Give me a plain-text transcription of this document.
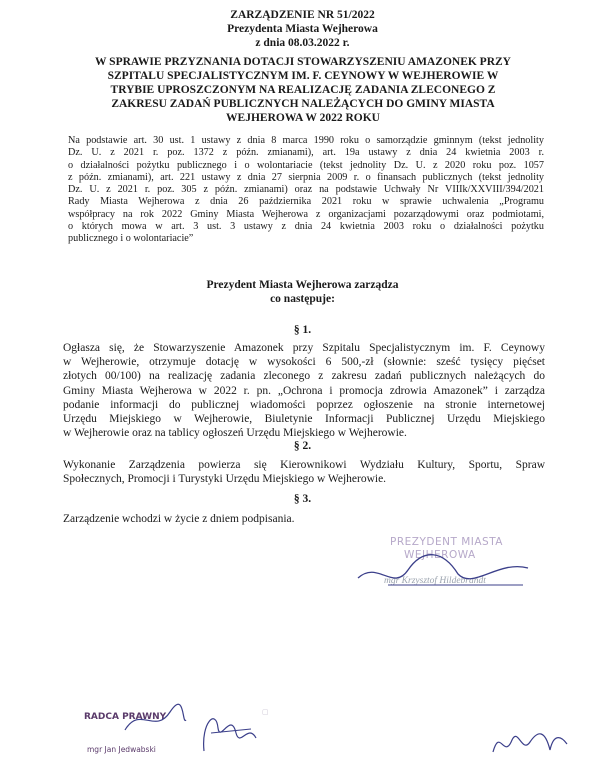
ZARZĄDZENIE NR 51/2022
Prezydenta Miasta Wejherowa
z dnia 08.03.2022 r.
W SPRAWIE PRZYZNANIA DOTACJI STOWARZYSZENIU AMAZONEK PRZY
SZPITALU SPECJALISTYCZNYM IM. F. CEYNOWY W WEJHEROWIE W
TRYBIE UPROSZCZONYM NA REALIZACJĘ ZADANIA ZLECONEGO Z
ZAKRESU ZADAŃ PUBLICZNYCH NALEŻĄCYCH DO GMINY MIASTA
WEJHEROWA W 2022 ROKU
Na podstawie art. 30 ust. 1 ustawy z dnia 8 marca 1990 roku o samorządzie gminnym (tekst jednolity
Dz. U. z 2021 r. poz. 1372 z późn. zmianami), art. 19a ustawy z dnia 24 kwietnia 2003 r.
o działalności pożytku publicznego i o wolontariacie (tekst jednolity Dz. U. z 2020 roku poz. 1057
z późn. zmianami), art. 221 ustawy z dnia 27 sierpnia 2009 r. o finansach publicznych (tekst jednolity
Dz. U. z 2021 r. poz. 305 z późn. zmianami) oraz na podstawie Uchwały Nr VIIIk/XXVIII/394/2021
Rady Miasta Wejherowa z dnia 26 października 2021 roku w sprawie uchwalenia „Programu
współpracy na rok 2022 Gminy Miasta Wejherowa z organizacjami pozarządowymi oraz podmiotami,
o których mowa w art. 3 ust. 3 ustawy z dnia 24 kwietnia 2003 roku o działalności pożytku
publicznego i o wolontariacie”
Prezydent Miasta Wejherowa zarządza
co następuje:
§ 1.
Ogłasza się, że Stowarzyszenie Amazonek przy Szpitalu Specjalistycznym im. F. Ceynowy
w Wejherowie, otrzymuje dotację w wysokości 6 500,-zł (słownie: sześć tysięcy pięćset
złotych 00/100) na realizację zadania zleconego z zakresu zadań publicznych należących do
Gminy Miasta Wejherowa w 2022 r. pn. „Ochrona i promocja zdrowia Amazonek” i zarządza
podanie informacji do publicznej wiadomości poprzez ogłoszenie na stronie internetowej
Urzędu Miejskiego w Wejherowie, Biuletynie Informacji Publicznej Urzędu Miejskiego
w Wejherowie oraz na tablicy ogłoszeń Urzędu Miejskiego w Wejherowie.
§ 2.
Wykonanie Zarządzenia powierza się Kierownikowi Wydziału Kultury, Sportu, Spraw
Społecznych, Promocji i Turystyki Urzędu Miejskiego w Wejherowie.
§ 3.
Zarządzenie wchodzi w życie z dniem podpisania.
PREZYDENT MIASTA
WEJHEROWA
mgr Krzysztof Hildebrandt
RADCA PRAWNY
mgr Jan Jedwabski
▢
